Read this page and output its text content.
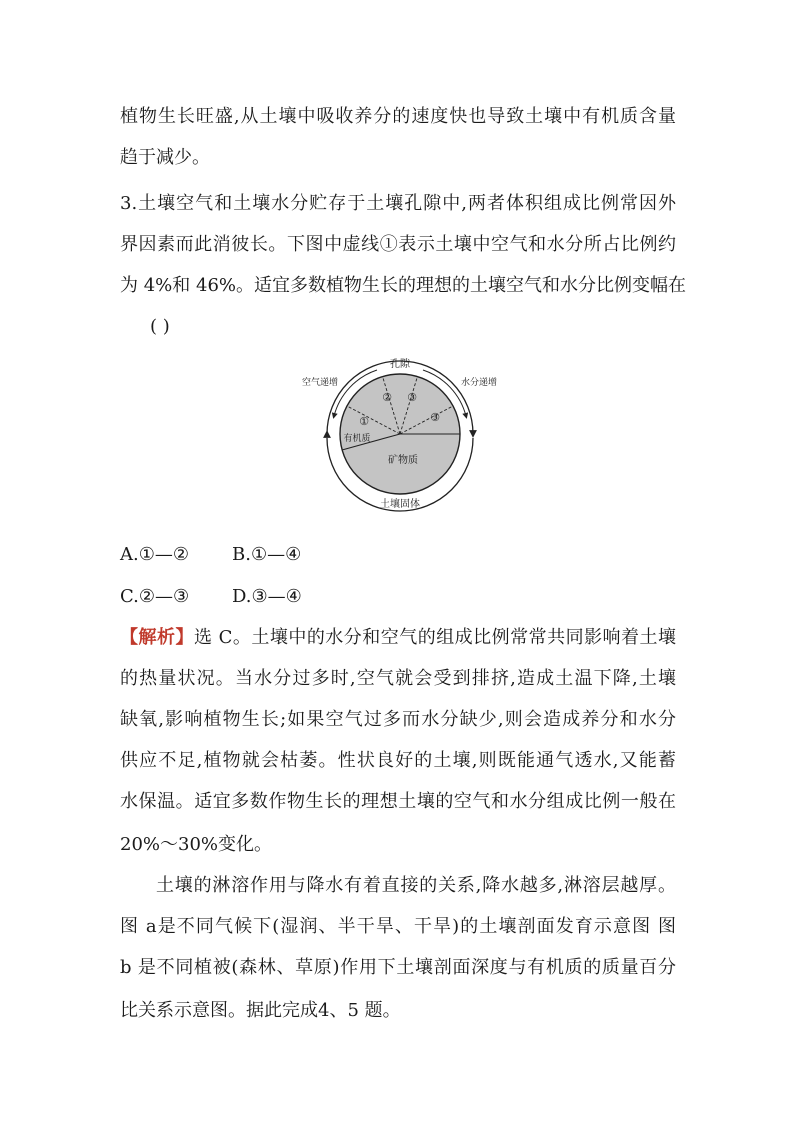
植物生长旺盛,从土壤中吸收养分的速度快也导致土壤中有机质含量
趋于减少。
3.土壤空气和土壤水分贮存于土壤孔隙中,两者体积组成比例常因外
界因素而此消彼长。下图中虚线①表示土壤中空气和水分所占比例约
为 4%和 46%。适宜多数植物生长的理想的土壤空气和水分比例变幅在
( )
孔隙
空气递增	水分递增
①
② ③
③
有机质
矿物质
土壤固体
A.①—② B.①—④
C.②—③ D.③—④
【解析】选 C。土壤中的水分和空气的组成比例常常共同影响着土壤
的热量状况。当水分过多时,空气就会受到排挤,造成土温下降,土壤
缺氧,影响植物生长;如果空气过多而水分缺少,则会造成养分和水分
供应不足,植物就会枯萎。性状良好的土壤,则既能通气透水,又能蓄
水保温。适宜多数作物生长的理想土壤的空气和水分组成比例一般在
20%～30%变化。
土壤的淋溶作用与降水有着直接的关系,降水越多,淋溶层越厚。
图 a是不同气候下(湿润、半干旱、干旱)的土壤剖面发育示意图 图
b 是不同植被(森林、草原)作用下土壤剖面深度与有机质的质量百分
比关系示意图。据此完成4、5 题。
